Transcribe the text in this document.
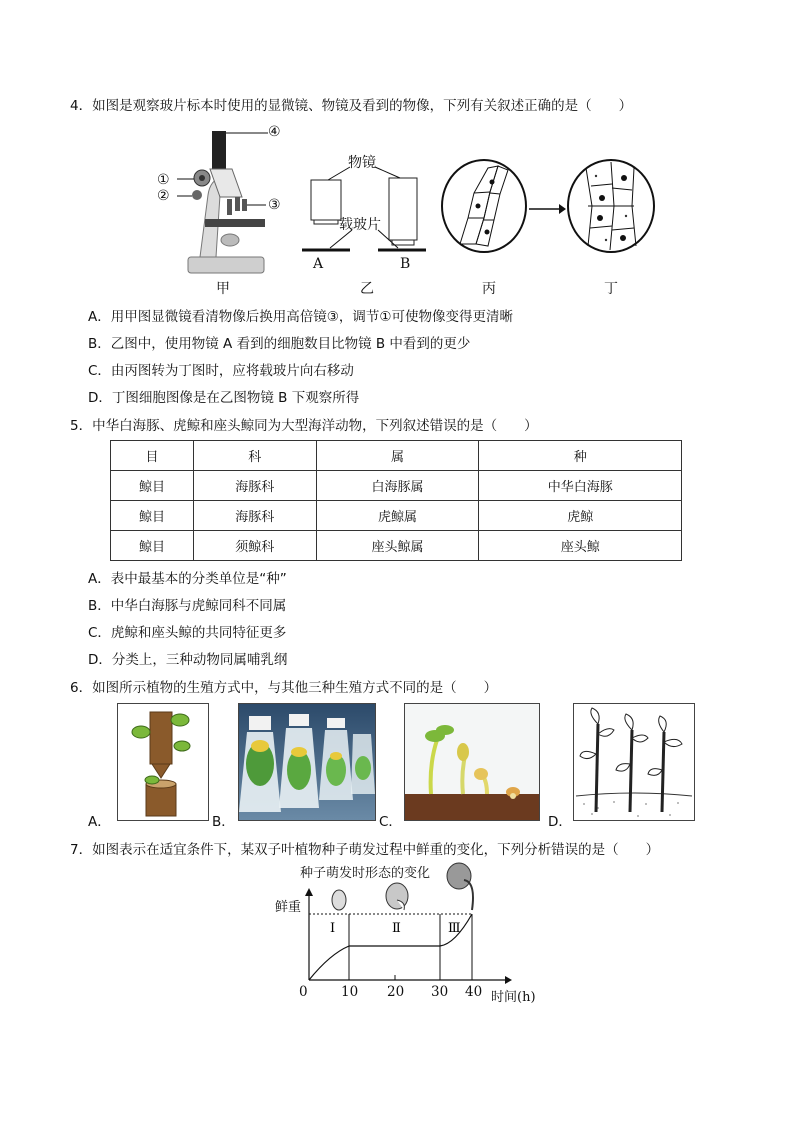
4．如图是观察玻片标本时使用的显微镜、物镜及看到的物像，下列有关叙述正确的是（　　）
④
①
②
③
甲
物镜
载玻片
A	B
乙	丙	丁
A．用甲图显微镜看清物像后换用高倍镜③，调节①可使物像变得更清晰
B．乙图中，使用物镜 A 看到的细胞数目比物镜 B 中看到的更少
C．由丙图转为丁图时，应将载玻片向右移动
D．丁图细胞图像是在乙图物镜 B 下观察所得
5．中华白海豚、虎鲸和座头鲸同为大型海洋动物，下列叙述错误的是（　　）
目	科	属	种
鲸目	海豚科	白海豚属	中华白海豚
鲸目	海豚科	虎鲸属	虎鲸
鲸目	须鲸科	座头鲸属	座头鲸
A．表中最基本的分类单位是“种”
B．中华白海豚与虎鲸同科不同属
C．虎鲸和座头鲸的共同特征更多
D．分类上，三种动物同属哺乳纲
6．如图所示植物的生殖方式中，与其他三种生殖方式不同的是（　　）
A．	B．	C．	D．
7．如图表示在适宜条件下，某双子叶植物种子萌发过程中鲜重的变化，下列分析错误的是（　　）
种子萌发时形态的变化
鲜重
Ⅰ	Ⅱ	Ⅲ
0 10 20 30 40 时间(h)
